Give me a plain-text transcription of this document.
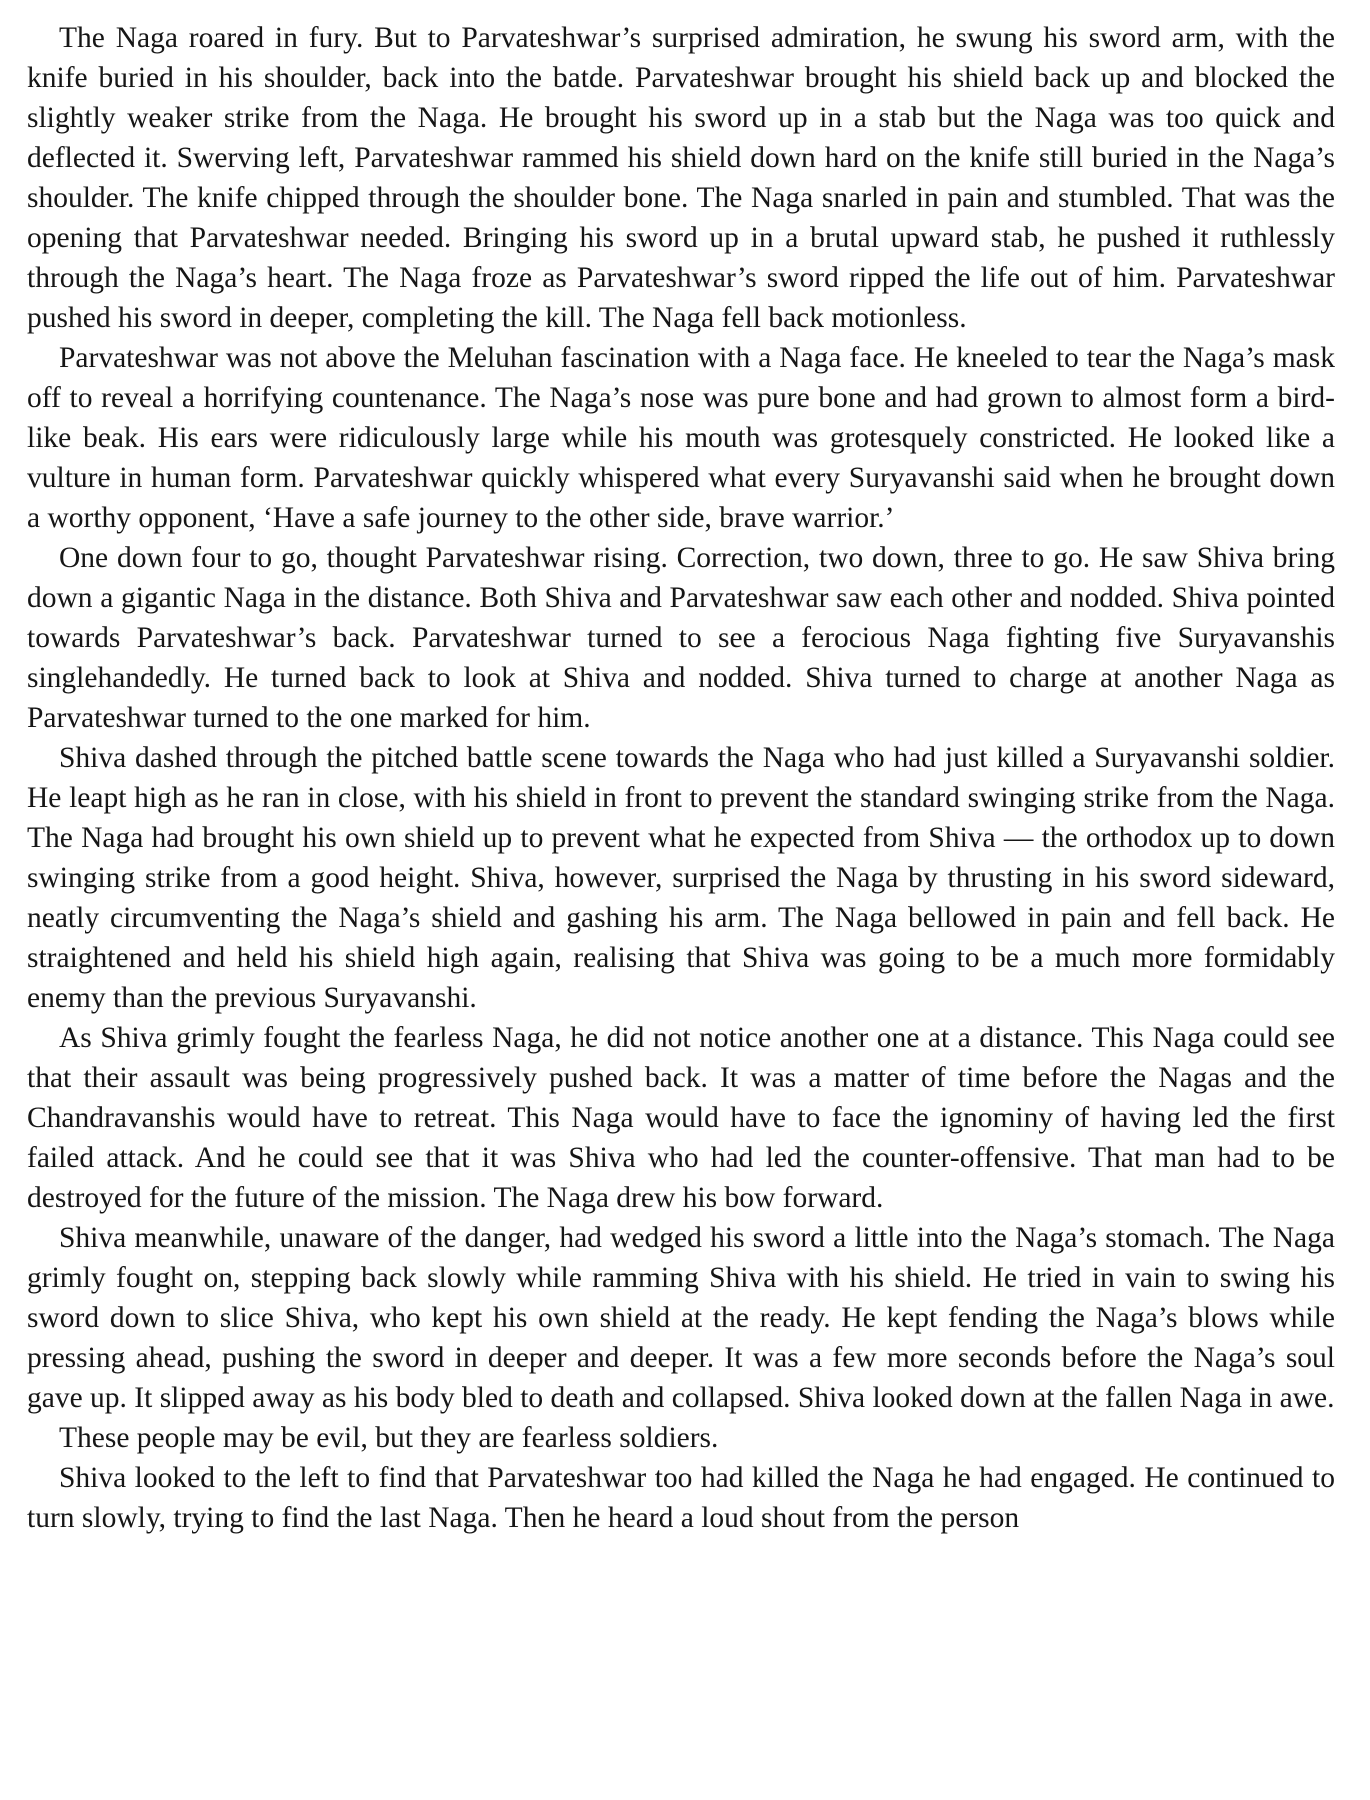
The Naga roared in fury. But to Parvateshwar’s surprised admiration, he swung his sword arm, with the knife buried in his shoulder, back into the batde. Parvateshwar brought his shield back up and blocked the slightly weaker strike from the Naga. He brought his sword up in a stab but the Naga was too quick and deflected it. Swerving left, Parvateshwar rammed his shield down hard on the knife still buried in the Naga’s shoulder. The knife chipped through the shoulder bone. The Naga snarled in pain and stumbled. That was the opening that Parvateshwar needed. Bringing his sword up in a brutal upward stab, he pushed it ruthlessly through the Naga’s heart. The Naga froze as Parvateshwar’s sword ripped the life out of him. Parvateshwar pushed his sword in deeper, completing the kill. The Naga fell back motionless.

Parvateshwar was not above the Meluhan fascination with a Naga face. He kneeled to tear the Naga’s mask off to reveal a horrifying countenance. The Naga’s nose was pure bone and had grown to almost form a bird-like beak. His ears were ridiculously large while his mouth was grotesquely constricted. He looked like a vulture in human form. Parvateshwar quickly whispered what every Suryavanshi said when he brought down a worthy opponent, ‘Have a safe journey to the other side, brave warrior.’

One down four to go, thought Parvateshwar rising. Correction, two down, three to go. He saw Shiva bring down a gigantic Naga in the distance. Both Shiva and Parvateshwar saw each other and nodded. Shiva pointed towards Parvateshwar’s back. Parvateshwar turned to see a ferocious Naga fighting five Suryavanshis singlehandedly. He turned back to look at Shiva and nodded. Shiva turned to charge at another Naga as Parvateshwar turned to the one marked for him.

Shiva dashed through the pitched battle scene towards the Naga who had just killed a Suryavanshi soldier. He leapt high as he ran in close, with his shield in front to prevent the standard swinging strike from the Naga. The Naga had brought his own shield up to prevent what he expected from Shiva — the orthodox up to down swinging strike from a good height. Shiva, however, surprised the Naga by thrusting in his sword sideward, neatly circumventing the Naga’s shield and gashing his arm. The Naga bellowed in pain and fell back. He straightened and held his shield high again, realising that Shiva was going to be a much more formidably enemy than the previous Suryavanshi.

As Shiva grimly fought the fearless Naga, he did not notice another one at a distance. This Naga could see that their assault was being progressively pushed back. It was a matter of time before the Nagas and the Chandravanshis would have to retreat. This Naga would have to face the ignominy of having led the first failed attack. And he could see that it was Shiva who had led the counter-offensive. That man had to be destroyed for the future of the mission. The Naga drew his bow forward.

Shiva meanwhile, unaware of the danger, had wedged his sword a little into the Naga’s stomach. The Naga grimly fought on, stepping back slowly while ramming Shiva with his shield. He tried in vain to swing his sword down to slice Shiva, who kept his own shield at the ready. He kept fending the Naga’s blows while pressing ahead, pushing the sword in deeper and deeper. It was a few more seconds before the Naga’s soul gave up. It slipped away as his body bled to death and collapsed. Shiva looked down at the fallen Naga in awe.

These people may be evil, but they are fearless soldiers.

Shiva looked to the left to find that Parvateshwar too had killed the Naga he had engaged. He continued to turn slowly, trying to find the last Naga. Then he heard a loud shout from the person
